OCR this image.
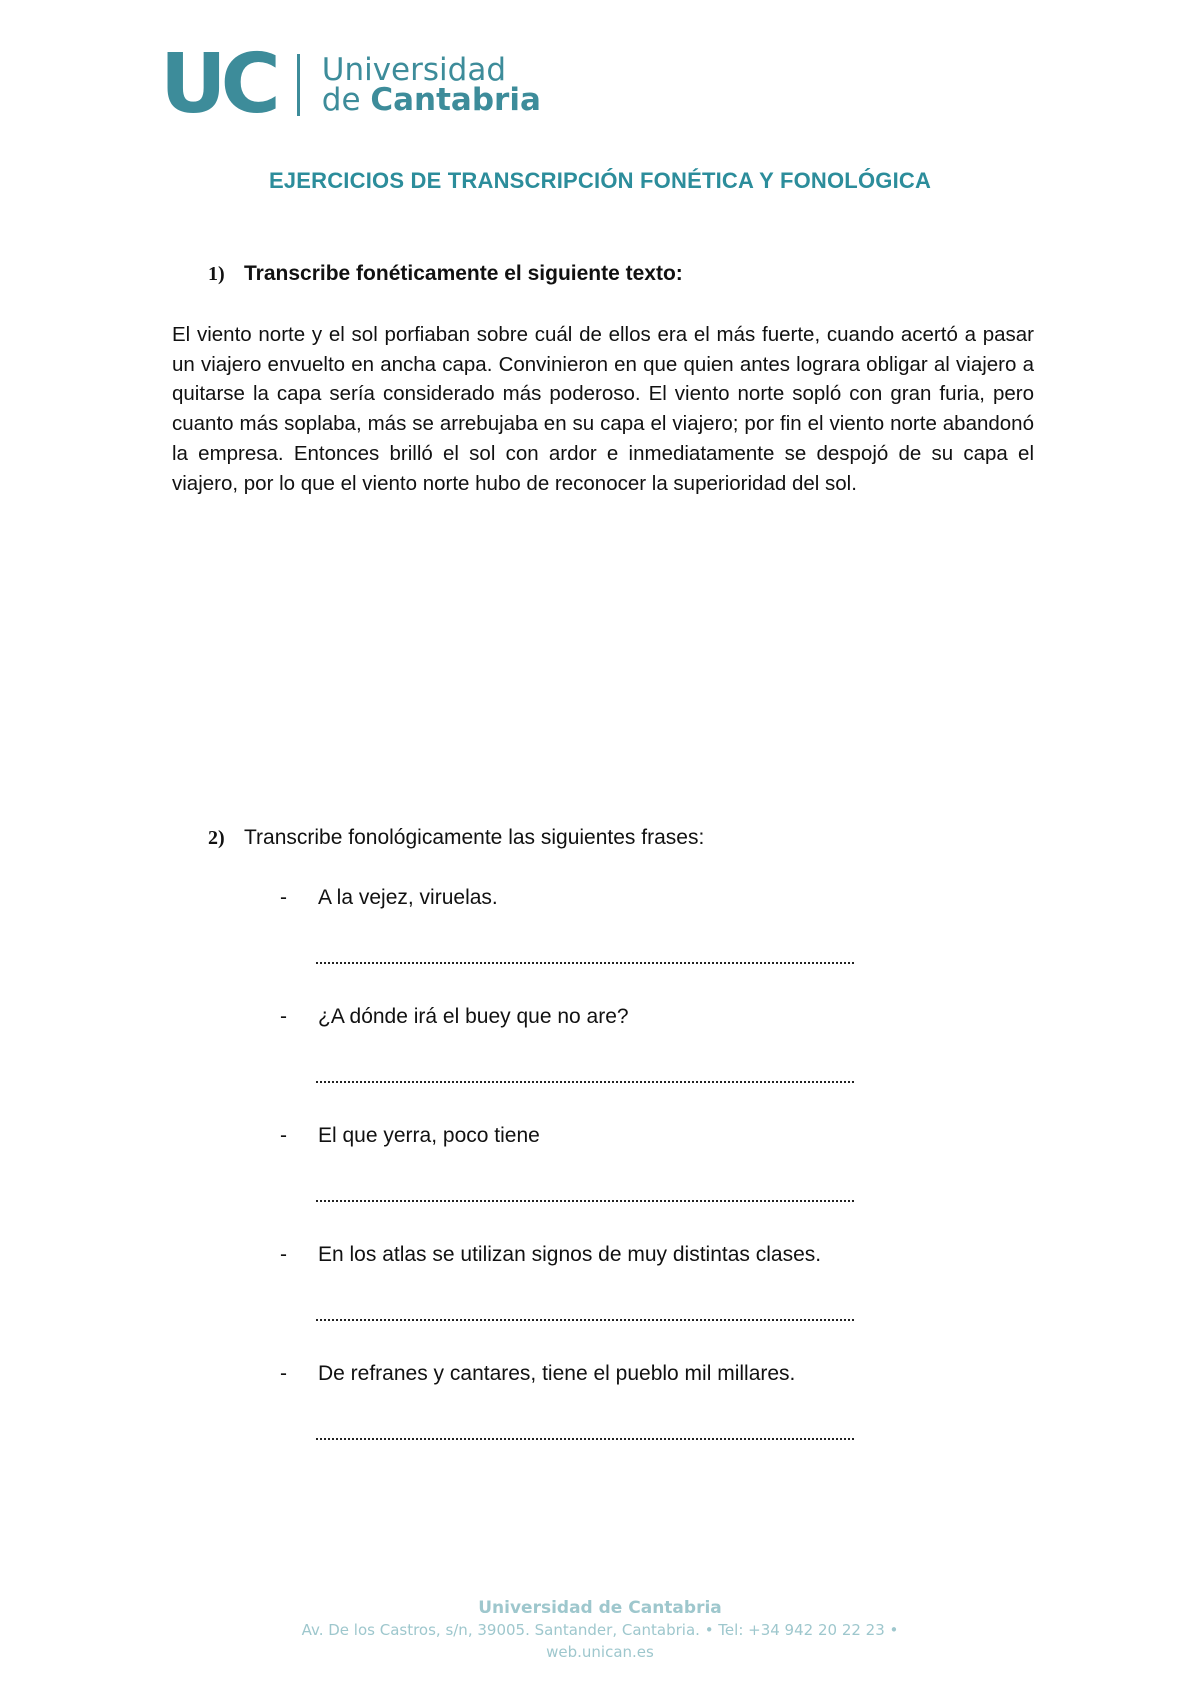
UC Universidad
de Cantabria
EJERCICIOS DE TRANSCRIPCIÓN FONÉTICA Y FONOLÓGICA
1) Transcribe fonéticamente el siguiente texto:
El viento norte y el sol porfiaban sobre cuál de ellos era el más fuerte, cuando acertó a pasar un viajero envuelto en ancha capa. Convinieron en que quien antes lograra obligar al viajero a quitarse la capa sería considerado más poderoso. El viento norte sopló con gran furia, pero cuanto más soplaba, más se arrebujaba en su capa el viajero; por fin el viento norte abandonó la empresa. Entonces brilló el sol con ardor e inmediatamente se despojó de su capa el viajero, por lo que el viento norte hubo de reconocer la superioridad del sol.
2) Transcribe fonológicamente las siguientes frases:
-	A la vejez, viruelas.
-	¿A dónde irá el buey que no are?
-	El que yerra, poco tiene
-	En los atlas se utilizan signos de muy distintas clases.
-	De refranes y cantares, tiene el pueblo mil millares.
Universidad de Cantabria
Av. De los Castros, s/n, 39005. Santander, Cantabria. • Tel: +34 942 20 22 23 •
web.unican.es
